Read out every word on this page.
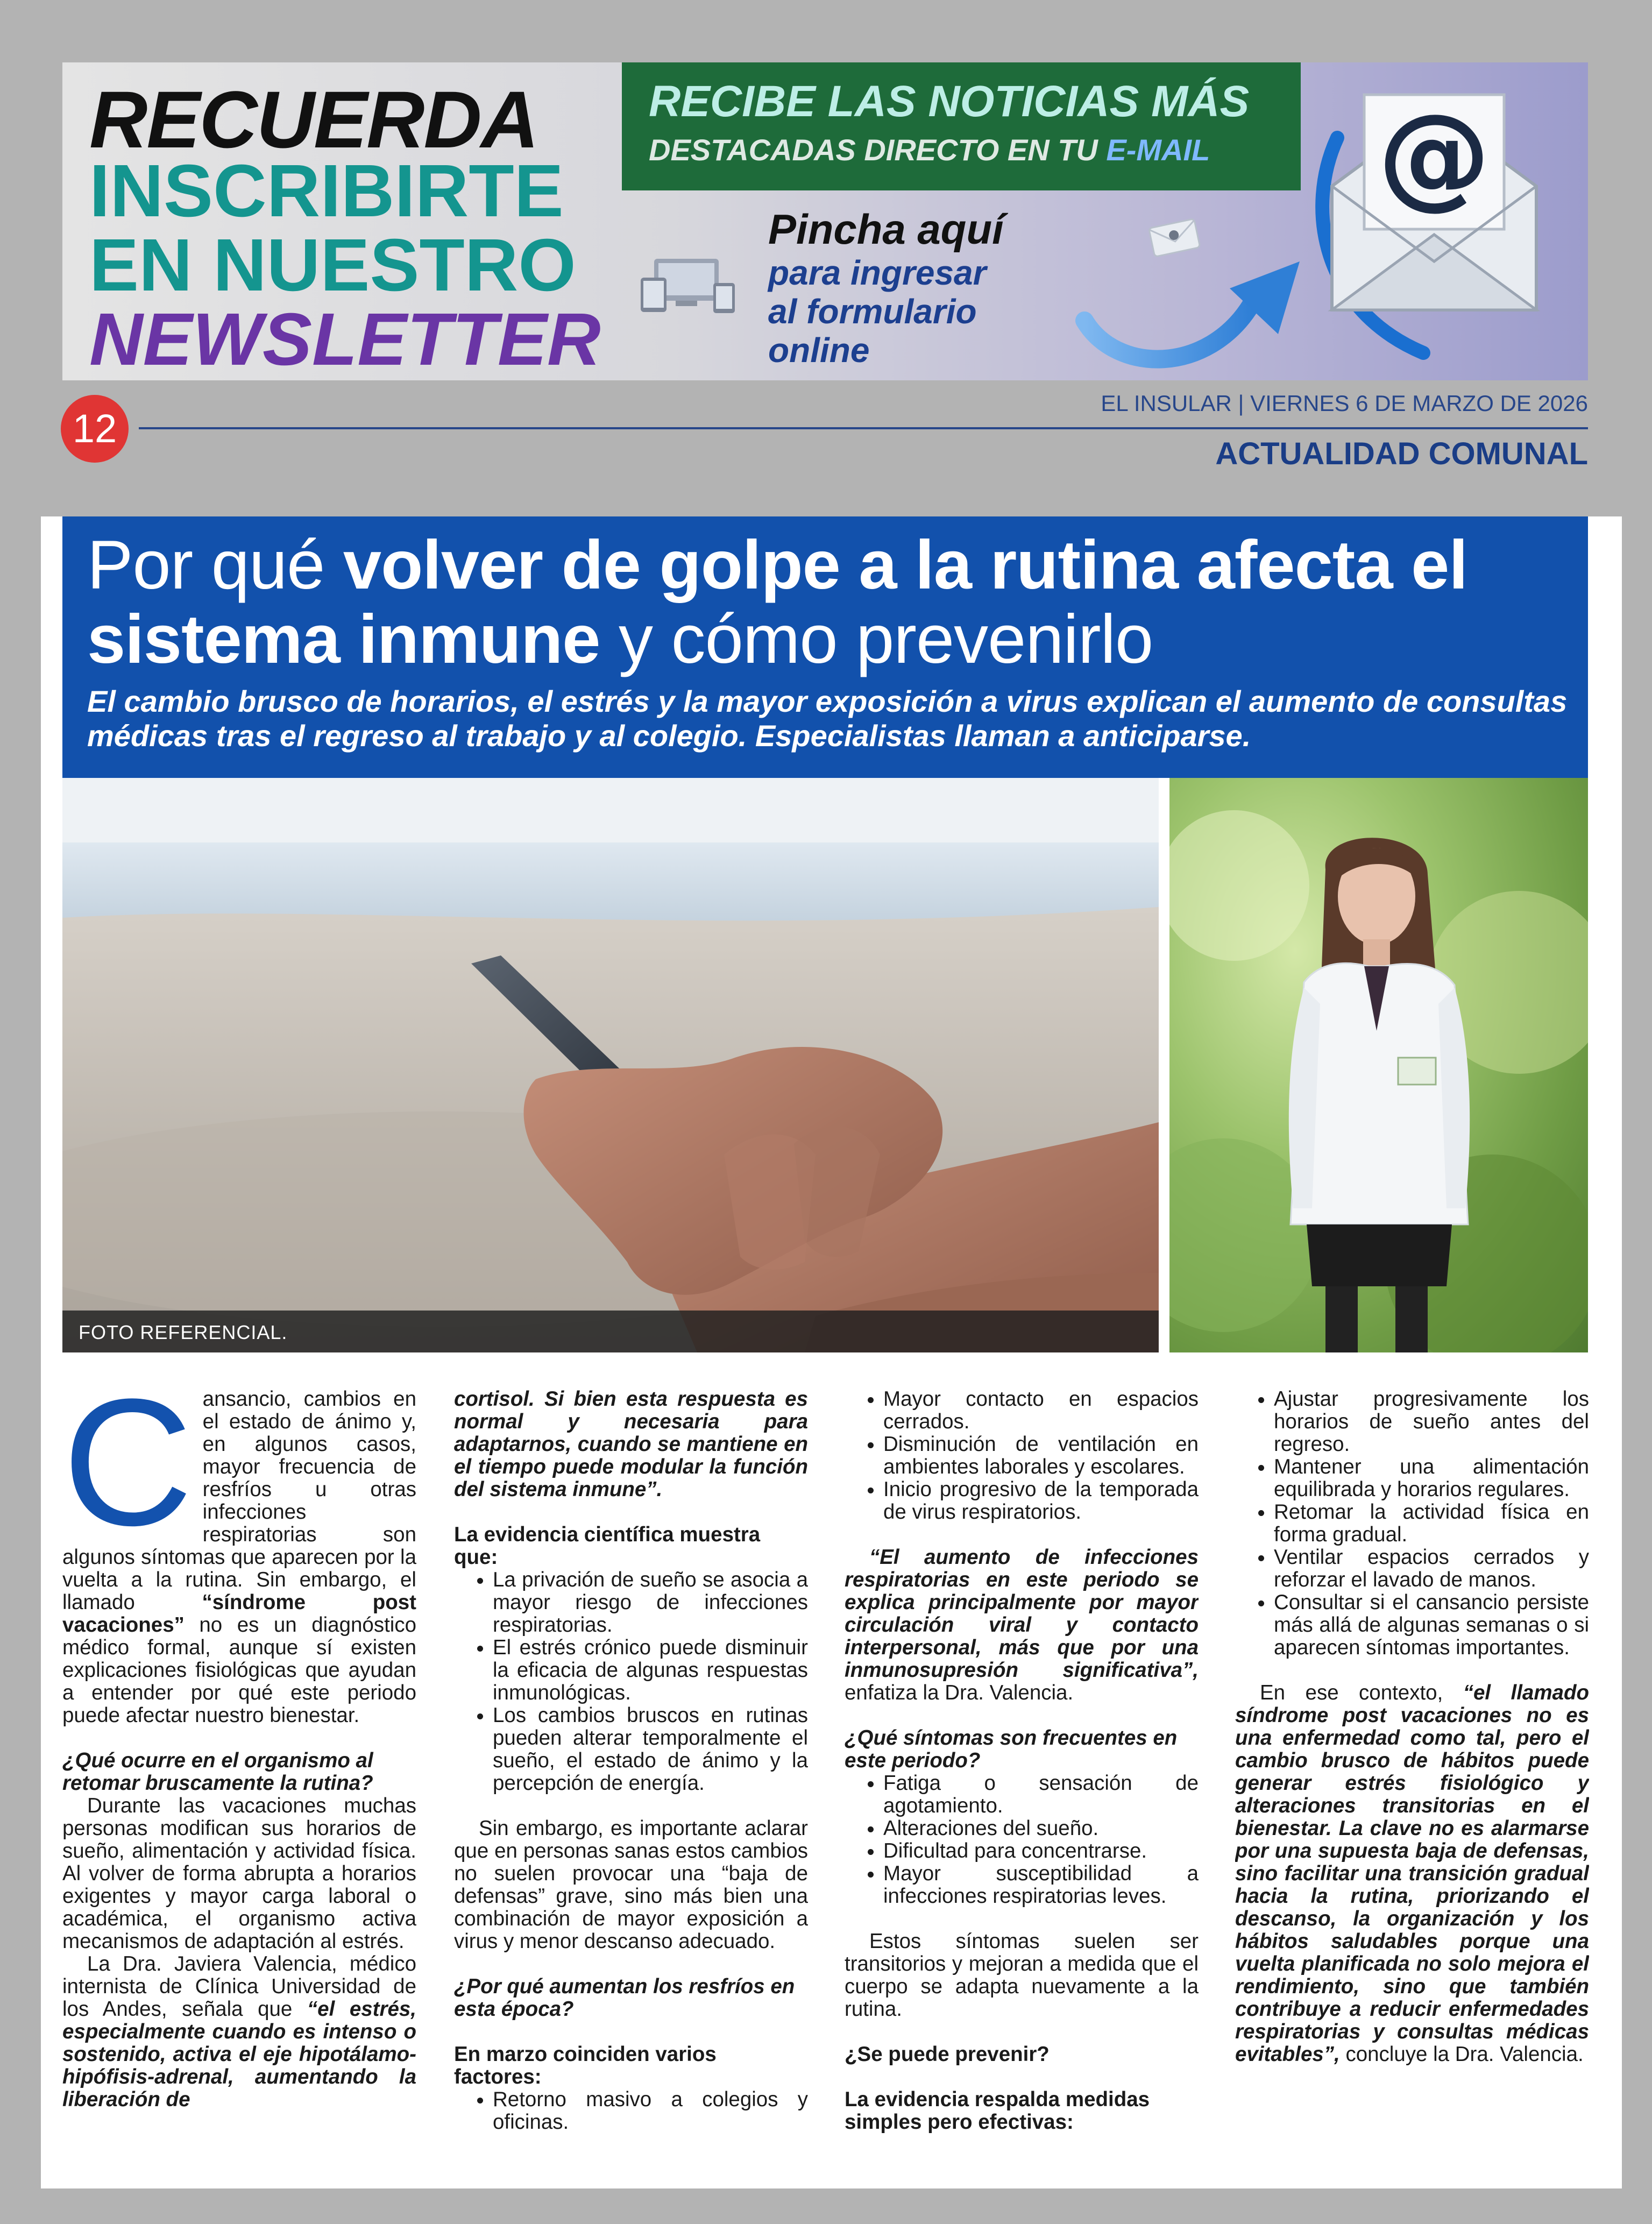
RECUERDA
INSCRIBIRTE
EN NUESTRO
NEWSLETTER
RECIBE LAS NOTICIAS MÁS
DESTACADAS DIRECTO EN TU E-MAIL
Pincha aquí
para ingresar
al formulario
online
@
12
EL INSULAR | VIERNES 6 DE MARZO DE 2026
ACTUALIDAD COMUNAL
Por qué volver de golpe a la rutina afecta el sistema inmune y cómo prevenirlo

El cambio brusco de horarios, el estrés y la mayor exposición a virus explican el aumento de consultas médicas tras el regreso al trabajo y al colegio. Especialistas llaman a anticiparse.

FOTO REFERENCIAL.
C ansancio, cambios en el estado de ánimo y, en algunos casos, mayor frecuencia de resfríos u otras infecciones respiratorias son algunos síntomas que aparecen por la vuelta a la rutina. Sin embargo, el llamado “síndrome post vacaciones” no es un diagnóstico médico formal, aunque sí existen explicaciones fisiológicas que ayudan a entender por qué este periodo puede afectar nuestro bienestar.

¿Qué ocurre en el organismo al retomar bruscamente la rutina?

Durante las vacaciones muchas personas modifican sus horarios de sueño, alimentación y actividad física. Al volver de forma abrupta a horarios exigentes y mayor carga laboral o académica, el organismo activa mecanismos de adaptación al estrés.

La Dra. Javiera Valencia, médico internista de Clínica Universidad de los Andes, señala que “el estrés, especialmente cuando es intenso o sostenido, activa el eje hipotálamo-hipófisis-adrenal, aumentando la liberación de

cortisol. Si bien esta respuesta es normal y necesaria para adaptarnos, cuando se mantiene en el tiempo puede modular la función del sistema inmune”.

La evidencia científica muestra que:
• La privación de sueño se asocia a mayor riesgo de infecciones respiratorias.
• El estrés crónico puede disminuir la eficacia de algunas respuestas inmunológicas.
• Los cambios bruscos en rutinas pueden alterar temporalmente el sueño, el estado de ánimo y la percepción de energía.

Sin embargo, es importante aclarar que en personas sanas estos cambios no suelen provocar una “baja de defensas” grave, sino más bien una combinación de mayor exposición a virus y menor descanso adecuado.

¿Por qué aumentan los resfríos en esta época?
En marzo coinciden varios factores:
• Retorno masivo a colegios y oficinas.
• Mayor contacto en espacios cerrados.
• Disminución de ventilación en ambientes laborales y escolares.
• Inicio progresivo de la temporada de virus respiratorios.

“El aumento de infecciones respiratorias en este periodo se explica principalmente por mayor circulación viral y contacto interpersonal, más que por una inmunosupresión significativa”, enfatiza la Dra. Valencia.

¿Qué síntomas son frecuentes en este periodo?
• Fatiga o sensación de agotamiento.
• Alteraciones del sueño.
• Dificultad para concentrarse.
• Mayor susceptibilidad a infecciones respiratorias leves.

Estos síntomas suelen ser transitorios y mejoran a medida que el cuerpo se adapta nuevamente a la rutina.

¿Se puede prevenir?
La evidencia respalda medidas simples pero efectivas:
• Ajustar progresivamente los horarios de sueño antes del regreso.
• Mantener una alimentación equilibrada y horarios regulares.
• Retomar la actividad física en forma gradual.
• Ventilar espacios cerrados y reforzar el lavado de manos.
• Consultar si el cansancio persiste más allá de algunas semanas o si aparecen síntomas importantes.

En ese contexto, “el llamado síndrome post vacaciones no es una enfermedad como tal, pero el cambio brusco de hábitos puede generar estrés fisiológico y alteraciones transitorias en el bienestar. La clave no es alarmarse por una supuesta baja de defensas, sino facilitar una transición gradual hacia la rutina, priorizando el descanso, la organización y los hábitos saludables porque una vuelta planificada no solo mejora el rendimiento, sino que también contribuye a reducir enfermedades respiratorias y consultas médicas evitables”, concluye la Dra. Valencia.
